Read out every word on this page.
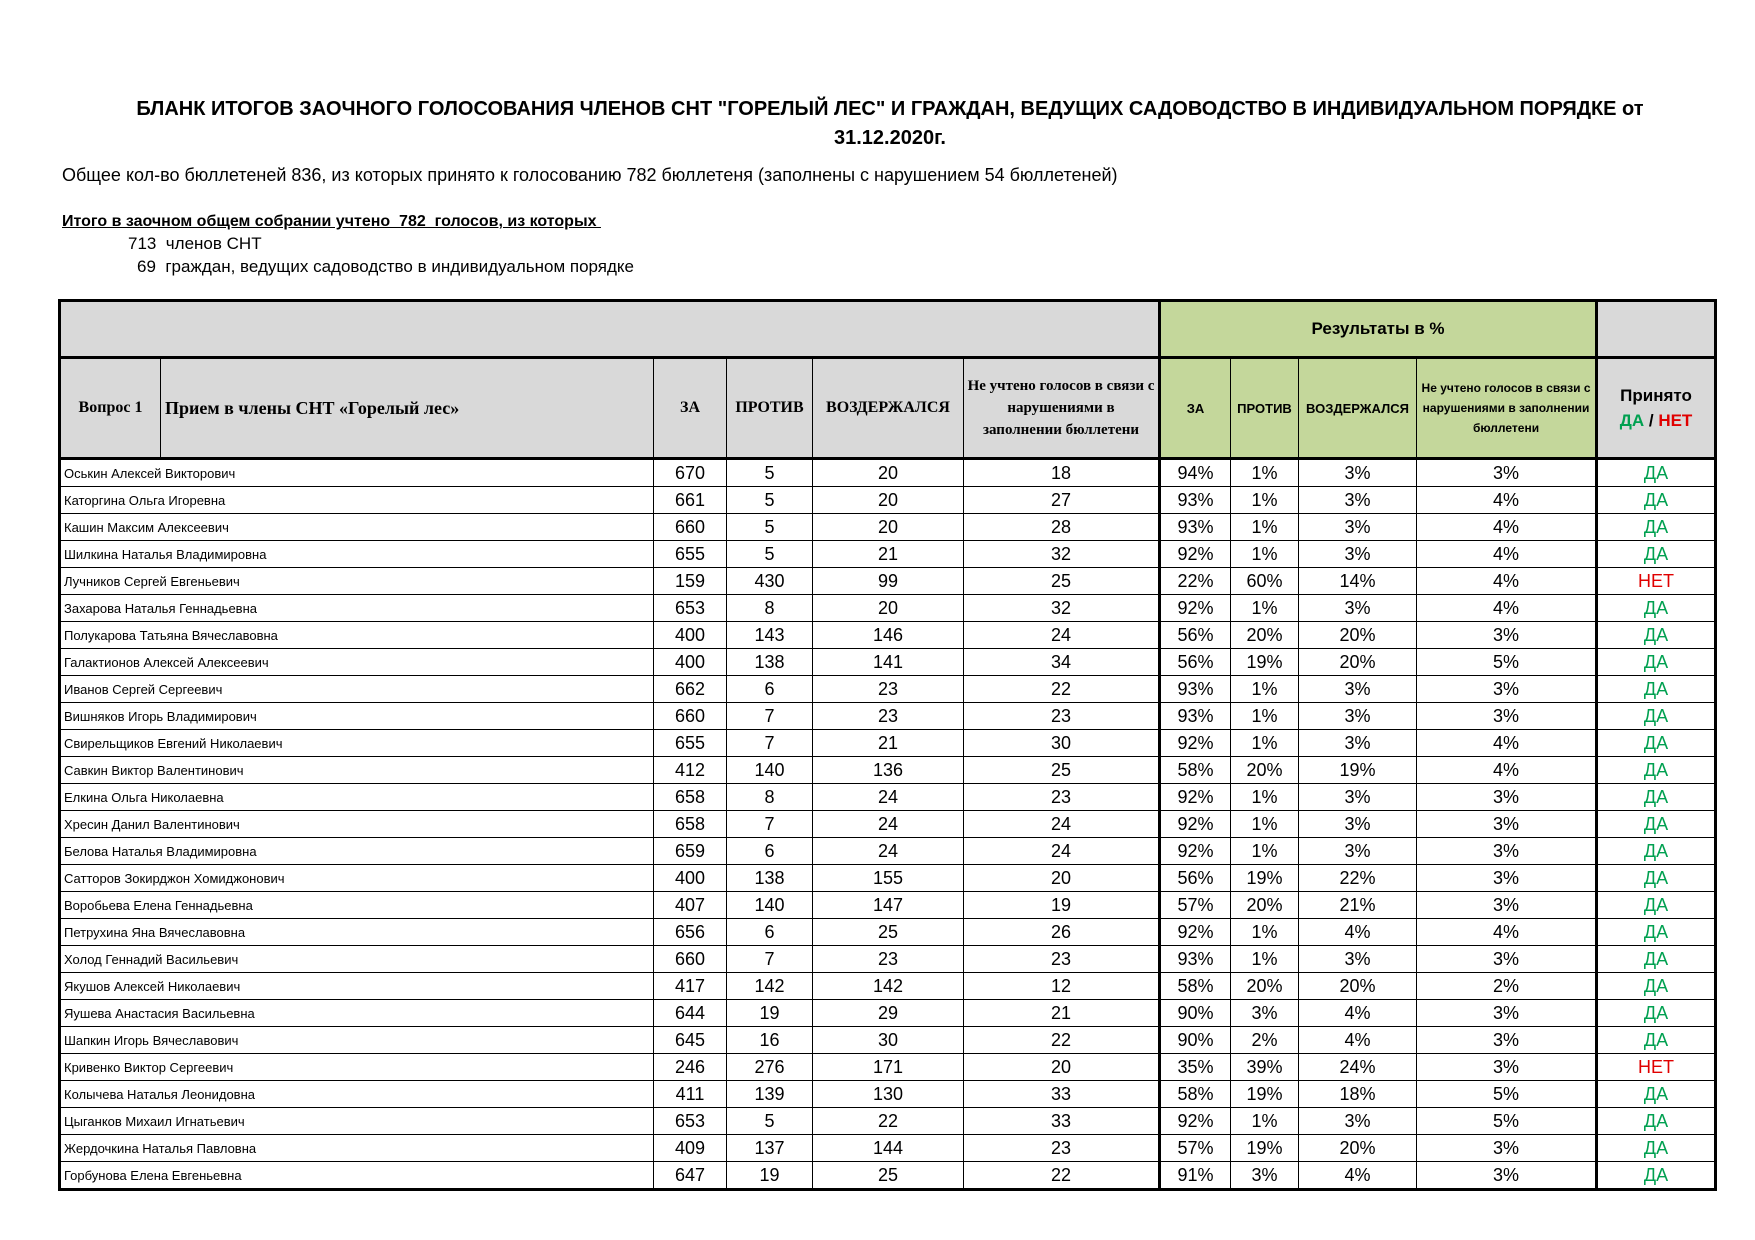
БЛАНК ИТОГОВ ЗАОЧНОГО ГОЛОСОВАНИЯ ЧЛЕНОВ СНТ "ГОРЕЛЫЙ ЛЕС" И ГРАЖДАН, ВЕДУЩИХ САДОВОДСТВО В ИНДИВИДУАЛЬНОМ ПОРЯДКЕ от
31.12.2020г.
Общее кол-во бюллетеней 836, из которых принято к голосованию 782 бюллетеня (заполнены с нарушением 54 бюллетеней)
Итого в заочном общем собрании учтено  782  голосов, из которых
713  членов СНТ
69  граждан, ведущих садоводство в индивидуальном порядке
						Результаты в %				
Вопрос 1	Прием в члены СНТ «Горелый лес»	ЗА	ПРОТИВ	ВОЗДЕРЖАЛСЯ	Не учтено голосов в связи с нарушениями в заполнении бюллетени	ЗА	ПРОТИВ	ВОЗДЕРЖАЛСЯ	Не учтено голосов в связи с нарушениями в заполнении бюллетени	Принято
ДА / НЕТ

Оськин Алексей Викторович		670	5	20	18	94%	1%	3%	3%	ДА
Каторгина Ольга Игоревна		661	5	20	27	93%	1%	3%	4%	ДА
Кашин Максим Алексеевич		660	5	20	28	93%	1%	3%	4%	ДА
Шилкина Наталья Владимировна		655	5	21	32	92%	1%	3%	4%	ДА
Лучников Сергей Евгеньевич		159	430	99	25	22%	60%	14%	4%	НЕТ
Захарова Наталья Геннадьевна		653	8	20	32	92%	1%	3%	4%	ДА
Полукарова Татьяна Вячеславовна		400	143	146	24	56%	20%	20%	3%	ДА
Галактионов Алексей Алексеевич		400	138	141	34	56%	19%	20%	5%	ДА
Иванов Сергей Сергеевич		662	6	23	22	93%	1%	3%	3%	ДА
Вишняков Игорь Владимирович		660	7	23	23	93%	1%	3%	3%	ДА
Свирельщиков Евгений Николаевич		655	7	21	30	92%	1%	3%	4%	ДА
Савкин Виктор Валентинович		412	140	136	25	58%	20%	19%	4%	ДА
Елкина Ольга Николаевна		658	8	24	23	92%	1%	3%	3%	ДА
Хресин Данил Валентинович		658	7	24	24	92%	1%	3%	3%	ДА
Белова Наталья Владимировна		659	6	24	24	92%	1%	3%	3%	ДА
Сатторов Зокирджон Хомиджонович		400	138	155	20	56%	19%	22%	3%	ДА
Воробьева Елена Геннадьевна		407	140	147	19	57%	20%	21%	3%	ДА
Петрухина Яна Вячеславовна		656	6	25	26	92%	1%	4%	4%	ДА
Холод Геннадий Васильевич		660	7	23	23	93%	1%	3%	3%	ДА
Якушов Алексей Николаевич		417	142	142	12	58%	20%	20%	2%	ДА
Яушева Анастасия Васильевна		644	19	29	21	90%	3%	4%	3%	ДА
Шапкин Игорь Вячеславович		645	16	30	22	90%	2%	4%	3%	ДА
Кривенко Виктор Сергеевич		246	276	171	20	35%	39%	24%	3%	НЕТ
Колычева Наталья Леонидовна		411	139	130	33	58%	19%	18%	5%	ДА
Цыганков Михаил Игнатьевич		653	5	22	33	92%	1%	3%	5%	ДА
Жердочкина Наталья Павловна		409	137	144	23	57%	19%	20%	3%	ДА
Горбунова Елена Евгеньевна		647	19	25	22	91%	3%	4%	3%	ДА
